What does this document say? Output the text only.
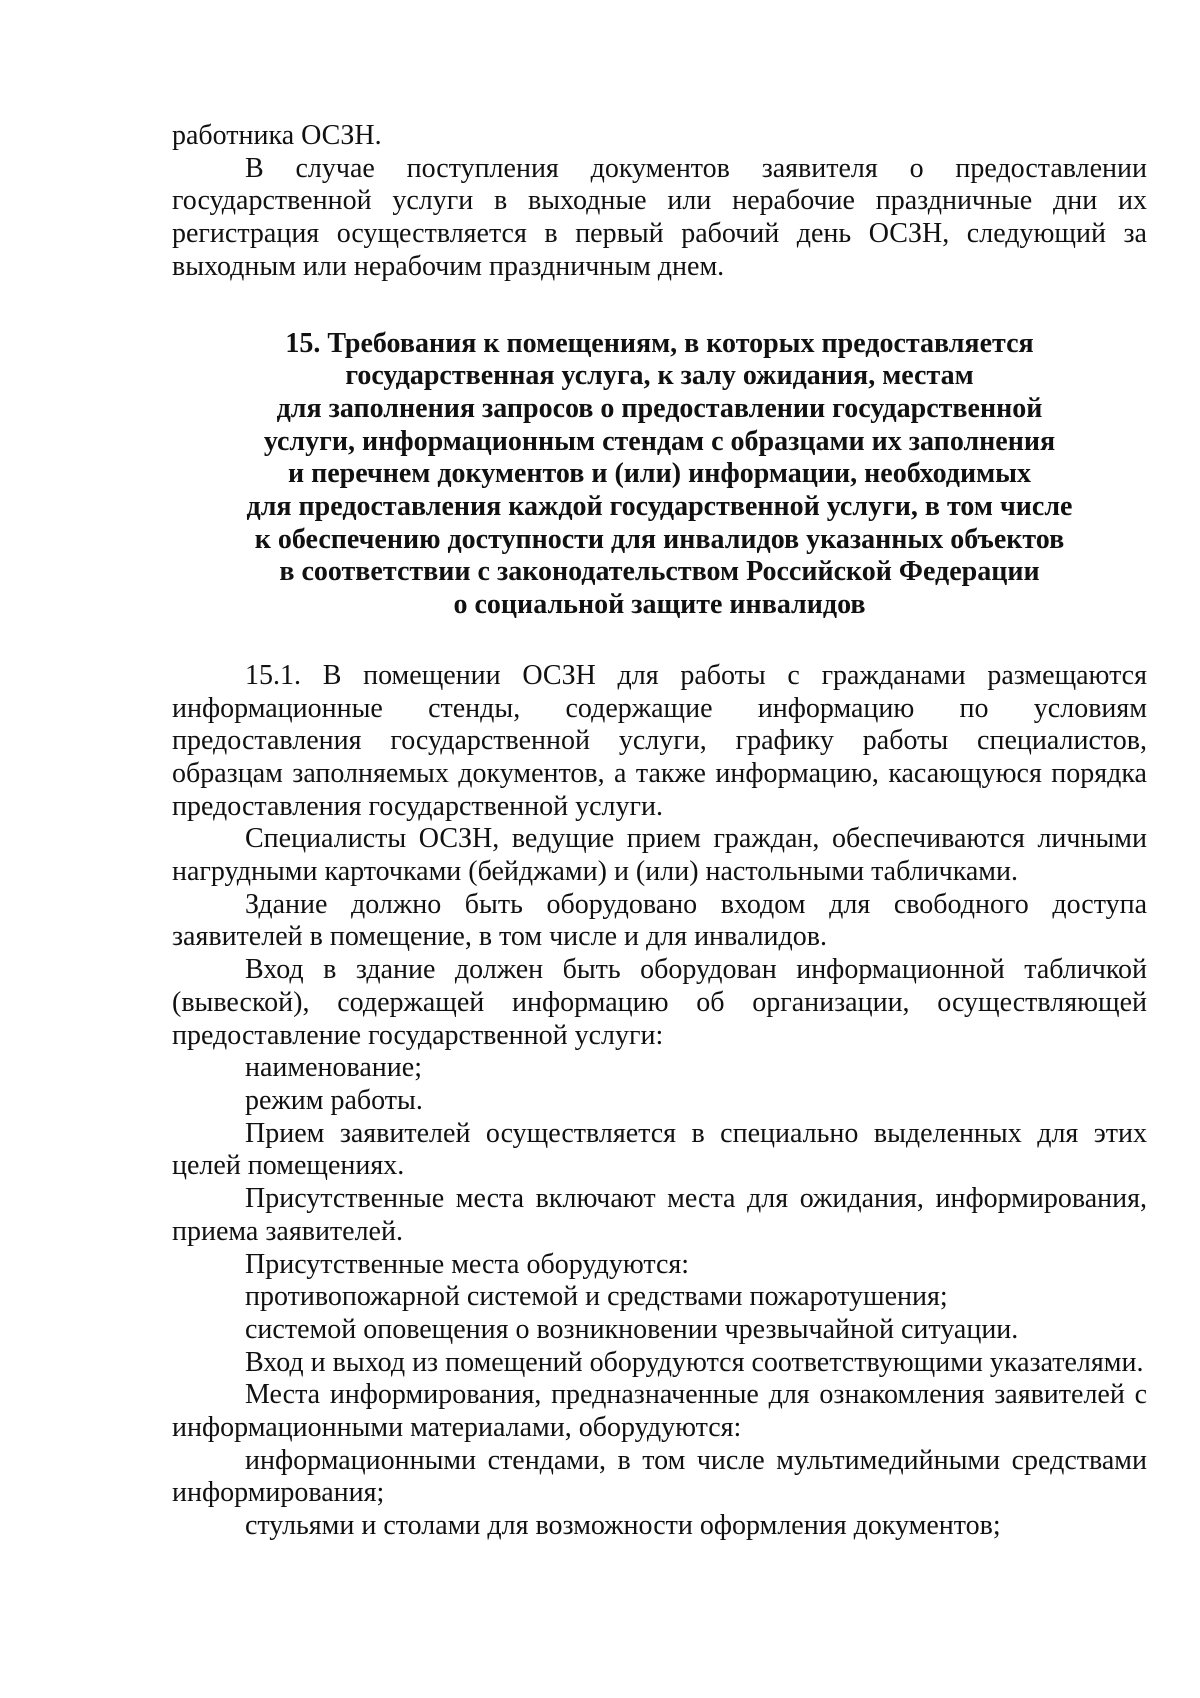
работника ОСЗН.

В случае поступления документов заявителя о предоставлении государственной услуги в выходные или нерабочие праздничные дни их регистрация осуществляется в первый рабочий день ОСЗН, следующий за выходным или нерабочим праздничным днем.

15. Требования к помещениям, в которых предоставляется
государственная услуга, к залу ожидания, местам
для заполнения запросов о предоставлении государственной
услуги, информационным стендам с образцами их заполнения
и перечнем документов и (или) информации, необходимых
для предоставления каждой государственной услуги, в том числе
к обеспечению доступности для инвалидов указанных объектов
в соответствии с законодательством Российской Федерации
о социальной защите инвалидов

15.1. В помещении ОСЗН для работы с гражданами размещаются информационные стенды, содержащие информацию по условиям предоставления государственной услуги, графику работы специалистов, образцам заполняемых документов, а также информацию, касающуюся порядка предоставления государственной услуги.

Специалисты ОСЗН, ведущие прием граждан, обеспечиваются личными нагрудными карточками (бейджами) и (или) настольными табличками.

Здание должно быть оборудовано входом для свободного доступа заявителей в помещение, в том числе и для инвалидов.

Вход в здание должен быть оборудован информационной табличкой (вывеской), содержащей информацию об организации, осуществляющей предоставление государственной услуги:

наименование;

режим работы.

Прием заявителей осуществляется в специально выделенных для этих целей помещениях.

Присутственные места включают места для ожидания, информирования, приема заявителей.

Присутственные места оборудуются:

противопожарной системой и средствами пожаротушения;

системой оповещения о возникновении чрезвычайной ситуации.

Вход и выход из помещений оборудуются соответствующими указателями.

Места информирования, предназначенные для ознакомления заявителей с информационными материалами, оборудуются:

информационными стендами, в том числе мультимедийными средствами информирования;

стульями и столами для возможности оформления документов;
